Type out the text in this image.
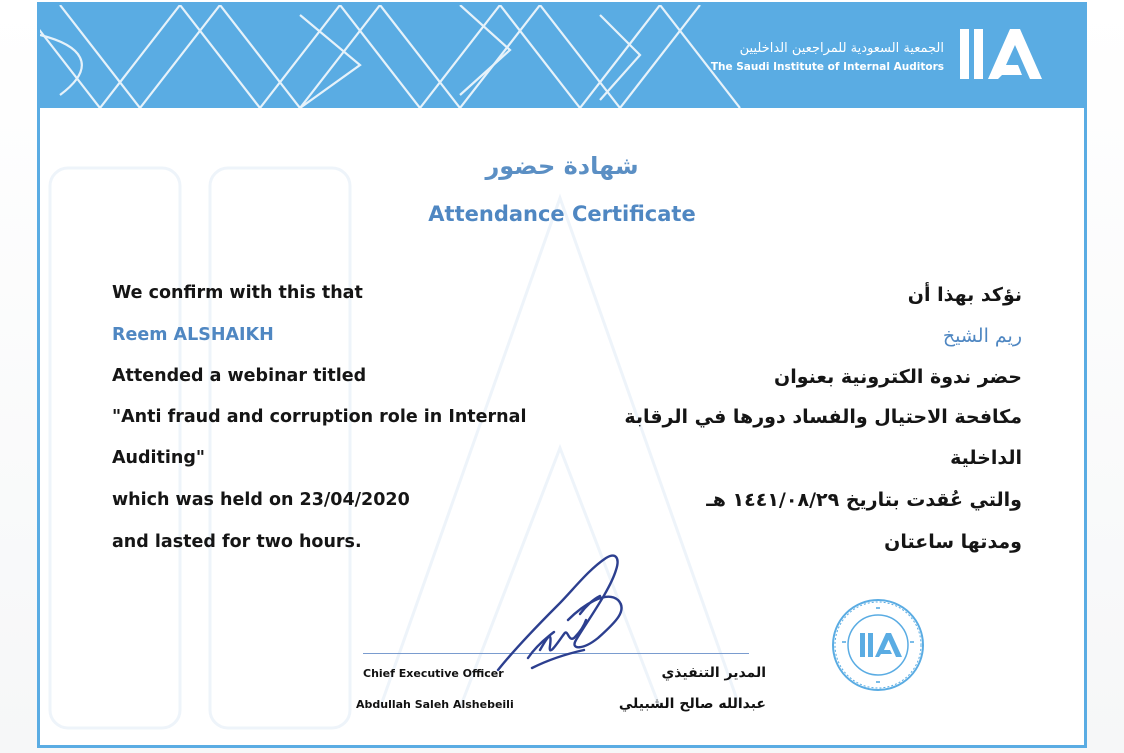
الجمعية السعودية للمراجعين الداخليين
The Saudi Institute of Internal Auditors
شهادة حضور
Attendance Certificate
We confirm with this that
Reem ALSHAIKH
Attended a webinar titled
"Anti fraud and corruption role in Internal
Auditing"
which was held on 23/04/2020
and lasted for two hours.
نؤكد بهذا أن
ريم الشيخ
حضر ندوة الكترونية بعنوان
مكافحة الاحتيال والفساد دورها في الرقابة
الداخلية
والتي عُقدت بتاريخ ١٤٤١/٠٨/٢٩ هـ
ومدتها ساعتان
Chief Executive Officer
Abdullah Saleh Alshebeili
المدير التنفيذي
عبدالله صالح الشبيلي
